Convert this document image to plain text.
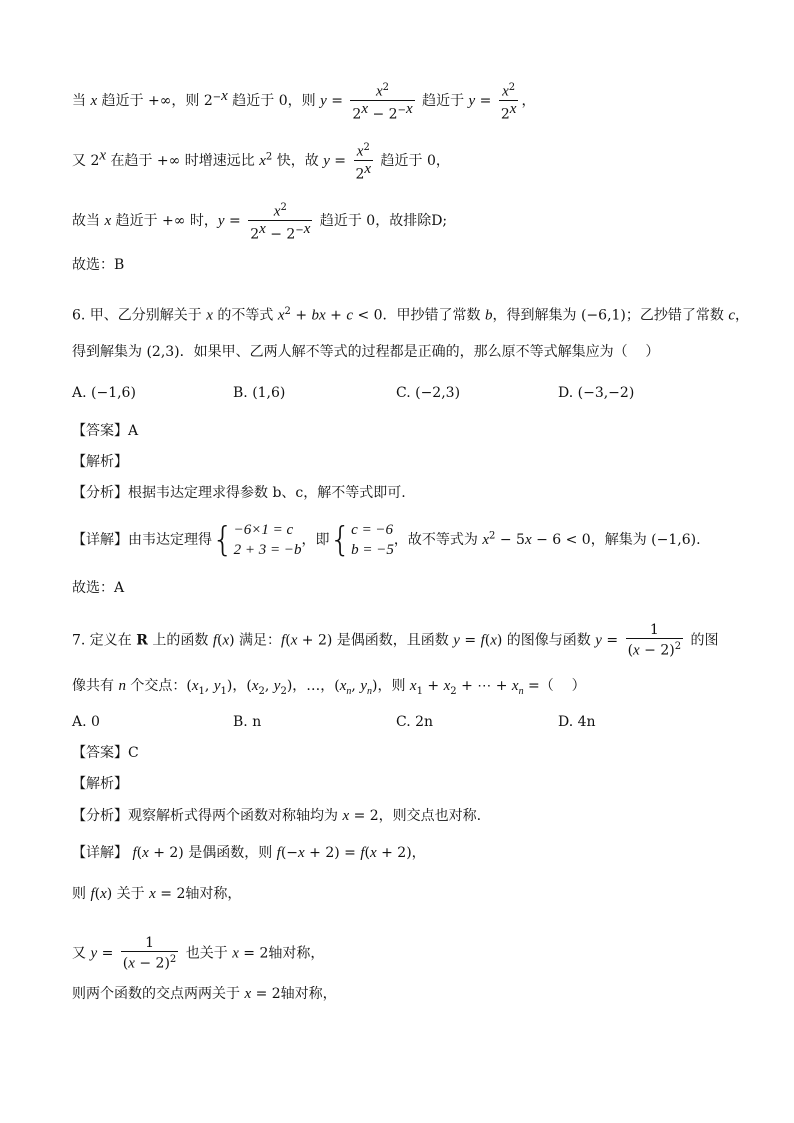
当 x 趋近于 +∞，则 $2^{-x}$ 趋近于 0，则 $y = \frac{x^2}{2^x - 2^{-x}}$ 趋近于 $y = \frac{x^2}{2^x}$ ，
又 2$^x$ 在趋于 +∞ 时增速远比 $x^2$ 快，故 $y = \frac{x^2}{2^x}$ 趋近于 0，
故当 x 趋近于 +∞ 时，$y = \frac{x^2}{2^x - 2^{-x}}$ 趋近于 0，故排除D;
故选：B
6. 甲、乙分别解关于 x 的不等式 $x^2$ + bx + c < 0．甲抄错了常数 b，得到解集为 (−6,1)；乙抄错了常数 c，
得到解集为 (2,3)．如果甲、乙两人解不等式的过程都是正确的，那么原不等式解集应为（    ）
A. (−1,6)	B. (1,6)	C. (−2,3)	D. (−3,−2)
【答案】A
【解析】
【分析】根据韦达定理求得参数 b、c，解不等式即可.
【详解】由韦达定理得{ −6×1 = c
2 + 3 = −b
，即{ c = −6
b = −5
，故不等式为 $x^2 - 5x - 6 < 0$，解集为 (−1,6).
故选：A
7. 定义在 R 上的函数 f(x) 满足：f(x + 2) 是偶函数，且函数 y = f(x) 的图像与函数 $y = \frac{1}{(x - 2)^2}$ 的图
像共有 n 个交点：($x_1$, $y_1$)，($x_2$, $y_2$)，…，($x_n$, $y_n$)，则 $x_1 + x_2$ + ⋯ + $x_n$ =（    ）
A. 0	B. n	C. 2n	D. 4n
【答案】C
【解析】
【分析】观察解析式得两个函数对称轴均为 x = 2，则交点也对称.
【详解】 f(x + 2) 是偶函数，则 f(−x + 2) = f(x + 2)，
则 f(x) 关于 x = 2轴对称，
又 $y = \frac{1}{(x - 2)^2}$ 也关于 x = 2轴对称，
则两个函数的交点两两关于 x = 2轴对称，
